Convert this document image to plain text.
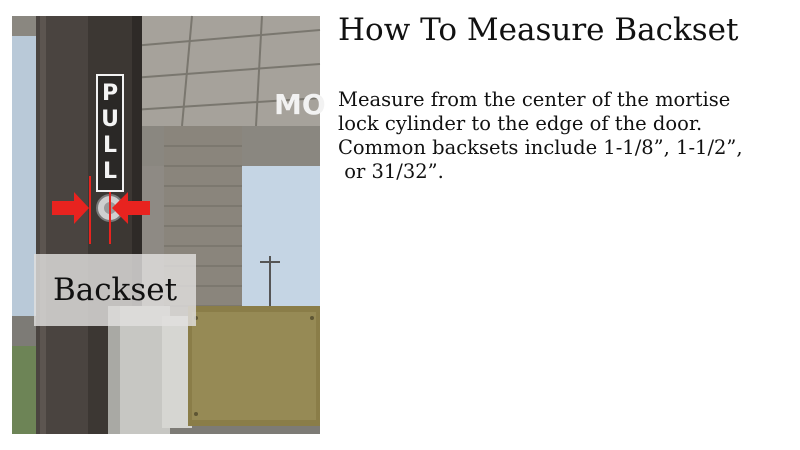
P
U
L
L
MO
Backset
How To Measure Backset

Measure from the center of the mortise
lock cylinder to the edge of the door.
Common backsets include 1-1/8”, 1-1/2”,
or 31/32”.
